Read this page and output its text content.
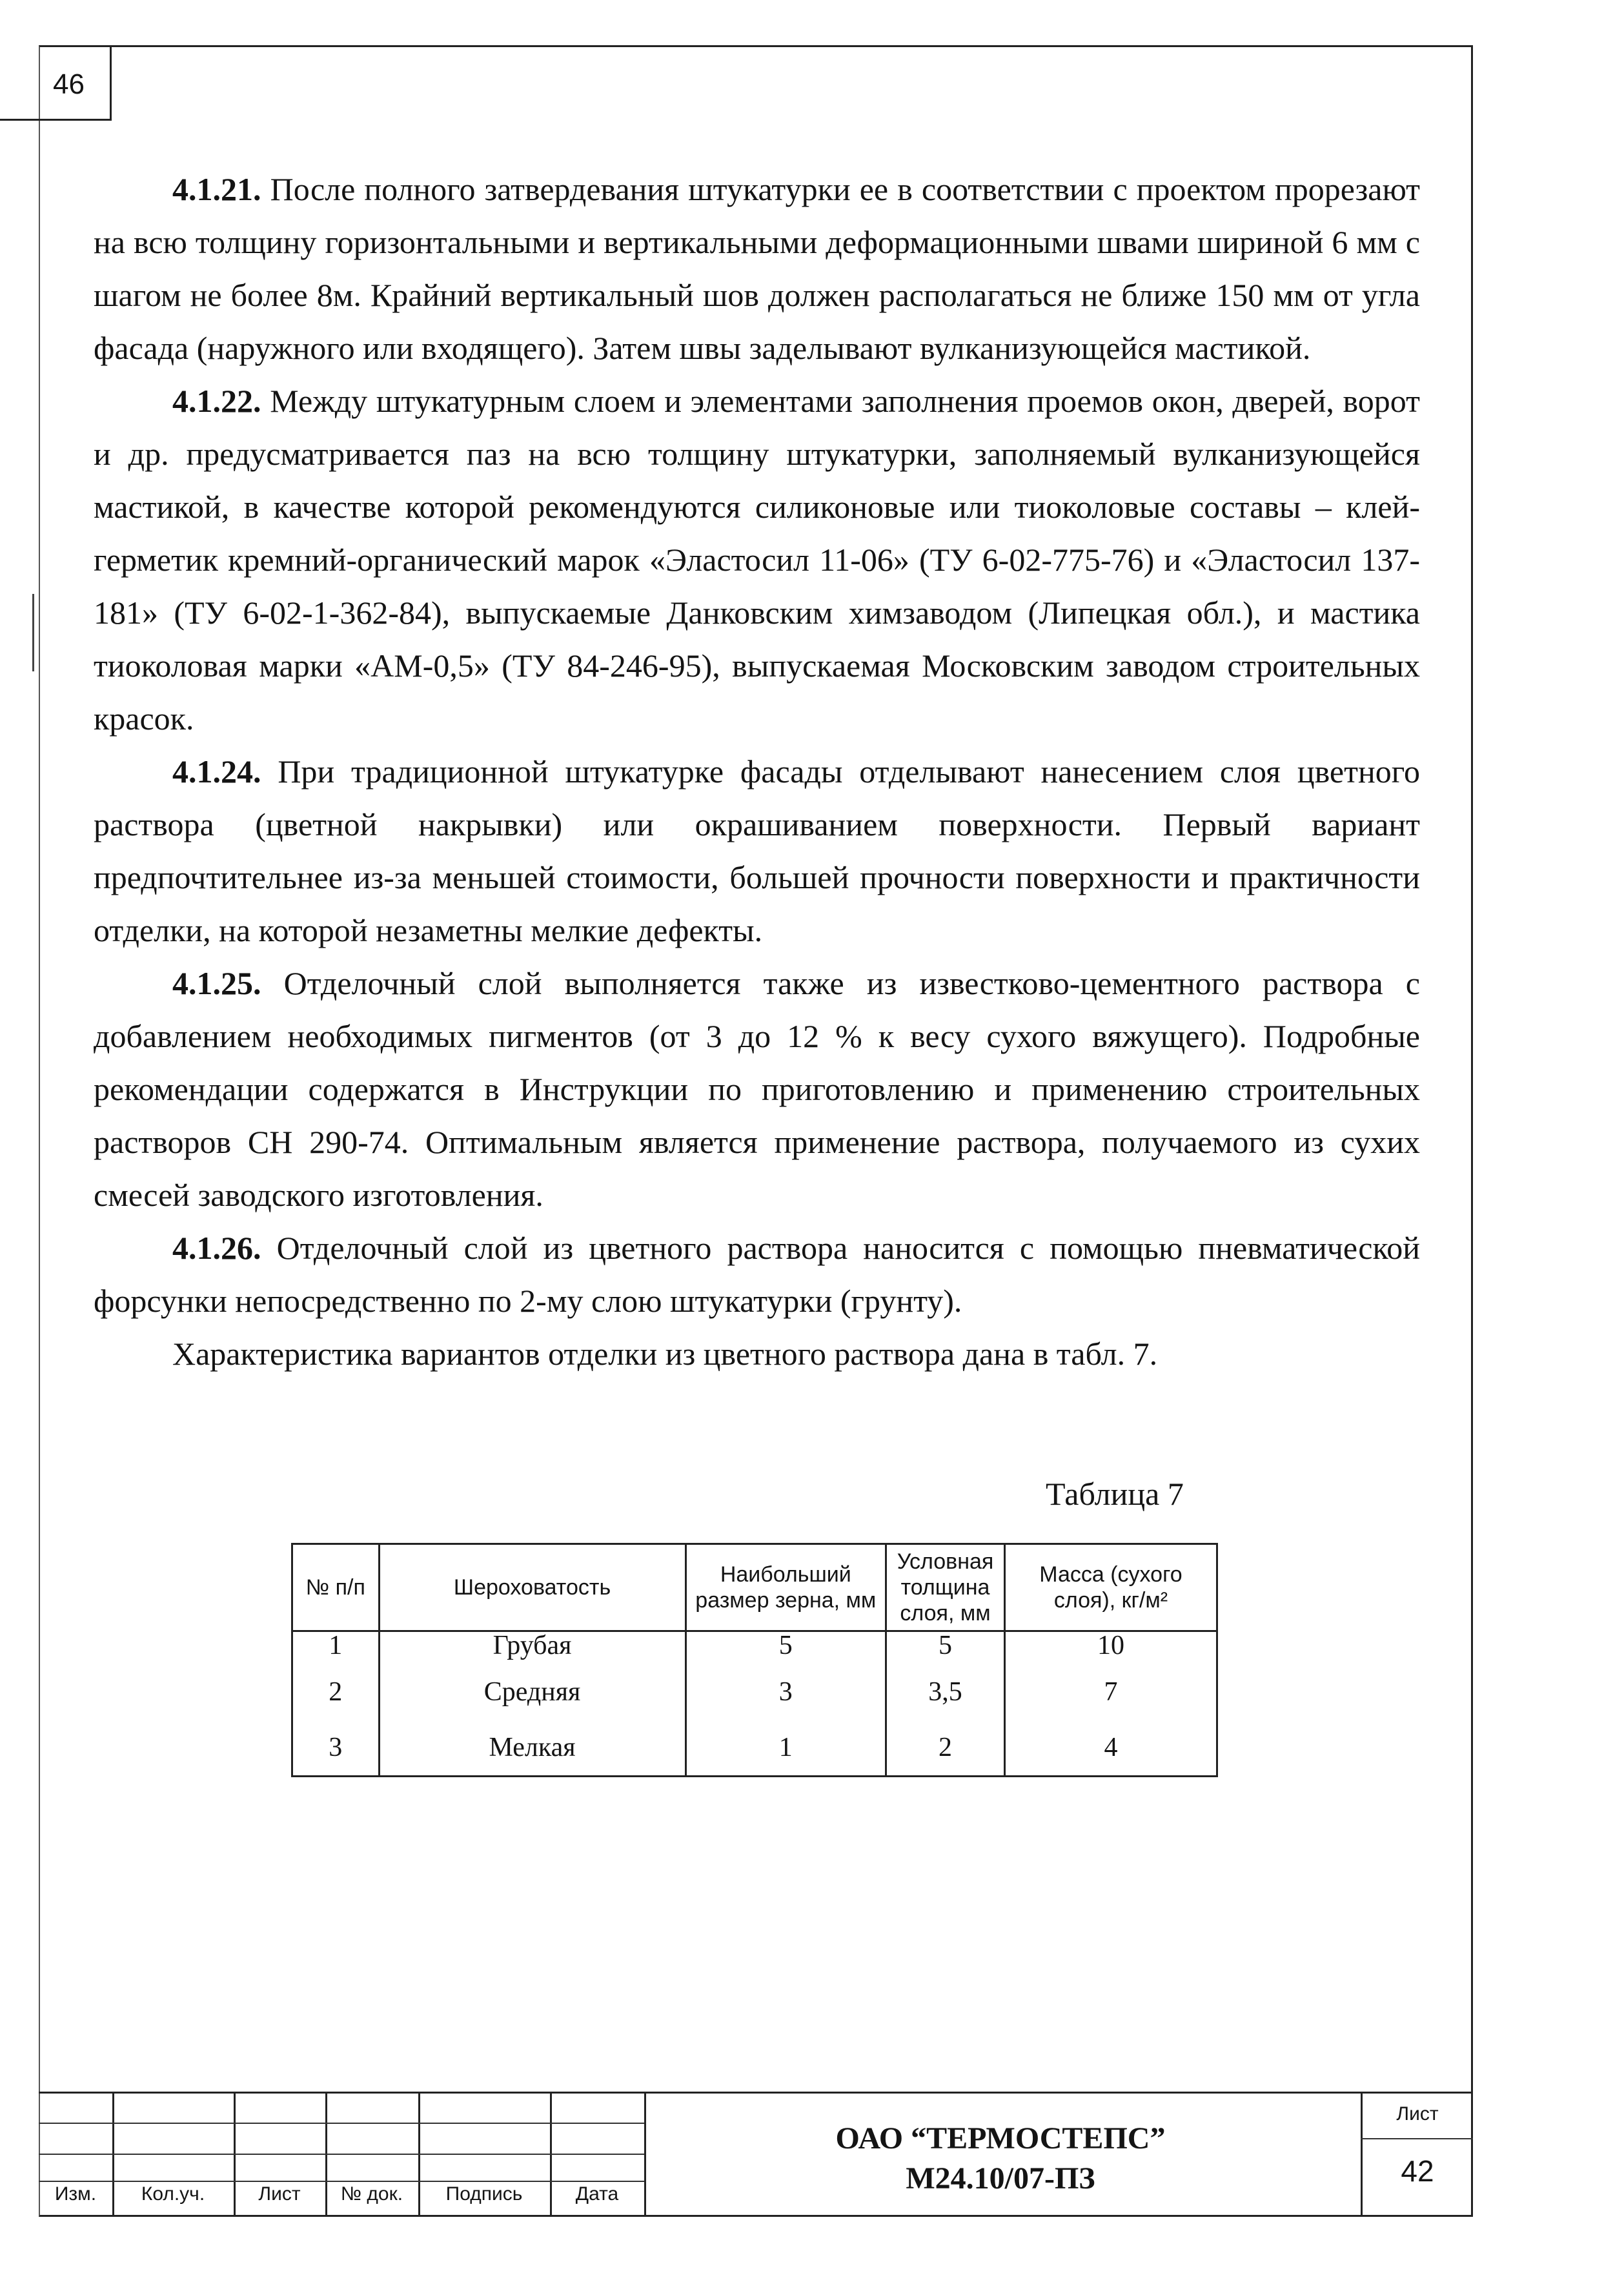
46

4.1.21. После полного затвердевания штукатурки ее в соответствии с проектом прорезают на всю толщину горизонтальными и вертикальными деформационными швами шириной 6 мм с шагом не более 8м. Крайний вертикальный шов должен располагаться не ближе 150 мм от угла фасада (наружного или входящего). Затем швы заделывают вулканизующейся мастикой.

4.1.22. Между штукатурным слоем и элементами заполнения проемов окон, дверей, ворот и др. предусматривается паз на всю толщину штукатурки, заполняемый вулканизующейся мастикой, в качестве которой рекомендуются силиконовые или тиоколовые составы – клей-герметик кремний-органический марок «Эластосил 11-06» (ТУ 6-02-775-76) и «Эластосил 137-181» (ТУ 6-02-1-362-84), выпускаемые Данковским химзаводом (Липецкая обл.), и мастика тиоколовая марки «АМ-0,5» (ТУ 84-246-95), выпускаемая Московским заводом строительных красок.

4.1.24. При традиционной штукатурке фасады отделывают нанесением слоя цветного раствора (цветной накрывки) или окрашиванием поверхности. Первый вариант предпочтительнее из-за меньшей стоимости, большей прочности поверхности и практичности отделки, на которой незаметны мелкие дефекты.

4.1.25. Отделочный слой выполняется также из известково-цементного раствора с добавлением необходимых пигментов (от 3 до 12 % к весу сухого вяжущего). Подробные рекомендации содержатся в Инструкции по приготовлению и применению строительных растворов СН 290-74. Оптимальным является применение раствора, получаемого из сухих смесей заводского изготовления.

4.1.26. Отделочный слой из цветного раствора наносится с помощью пневматической форсунки непосредственно по 2-му слою штукатурки (грунту).

Характеристика вариантов отделки из цветного раствора дана в табл. 7.

Таблица 7
№ п/п	Шероховатость	Наибольший размер зерна, мм	Условная толщина слоя, мм	Масса (сухого слоя), кг/м²
1	Грубая	5	5	10
2	Средняя	3	3,5	7
3	Мелкая	1	2	4
Изм.	Кол.уч.	Лист	№ док.	Подпись	Дата
ОАО “ТЕРМОСТЕПС”
М24.10/07-ПЗ
Лист
42
